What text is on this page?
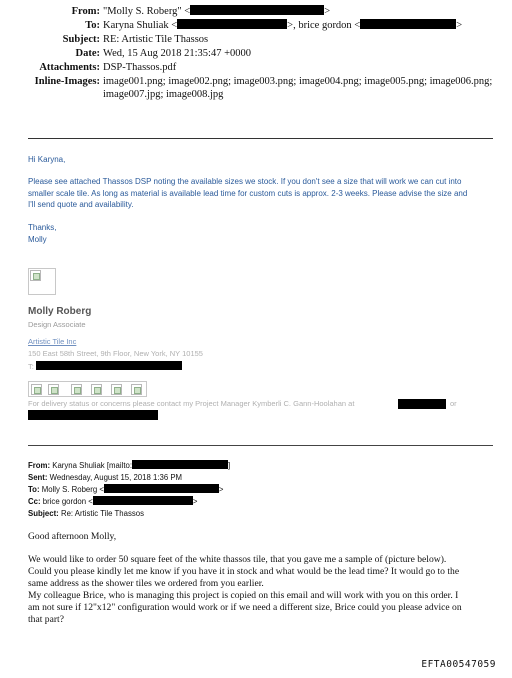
From: "Molly S. Roberg" <	>
To: Karyna Shuliak <	>, brice gordon <	>
Subject: RE: Artistic Tile Thassos
Date: Wed, 15 Aug 2018 21:35:47 +0000
Attachments: DSP-Thassos.pdf
Inline-Images: image001.png; image002.png; image003.png; image004.png; image005.png; image006.png;
image007.jpg; image008.jpg
Hi Karyna,
Please see attached Thassos DSP noting the available sizes we stock. If you don't see a size that will work we can cut into
smaller scale tile. As long as material is available lead time for custom cuts is approx. 2-3 weeks. Please advise the size and
I'll send quote and availability.
Thanks,
Molly
Molly Roberg
Design Associate
Artistic Tile Inc
150 East 58th Street, 9th Floor, New York, NY 10155
T:
For delivery status or concerns please contact my Project Manager Kymberli C. Gann-Hoolahan at	or
From: Karyna Shuliak [mailto:	]
Sent: Wednesday, August 15, 2018 1:36 PM
To: Molly S. Roberg <	>
Cc: brice gordon <	>
Subject: Re: Artistic Tile Thassos
Good afternoon Molly,
We would like to order 50 square feet of the white thassos tile, that you gave me a sample of (picture below).
Could you please kindly let me know if you have it in stock and what would be the lead time? It would go to the
same address as the shower tiles we ordered from you earlier.
My colleague Brice, who is managing this project is copied on this email and will work with you on this order. I
am not sure if 12"x12" configuration would work or if we need a different size, Brice could you please advice on
that part?
EFTA00547059
